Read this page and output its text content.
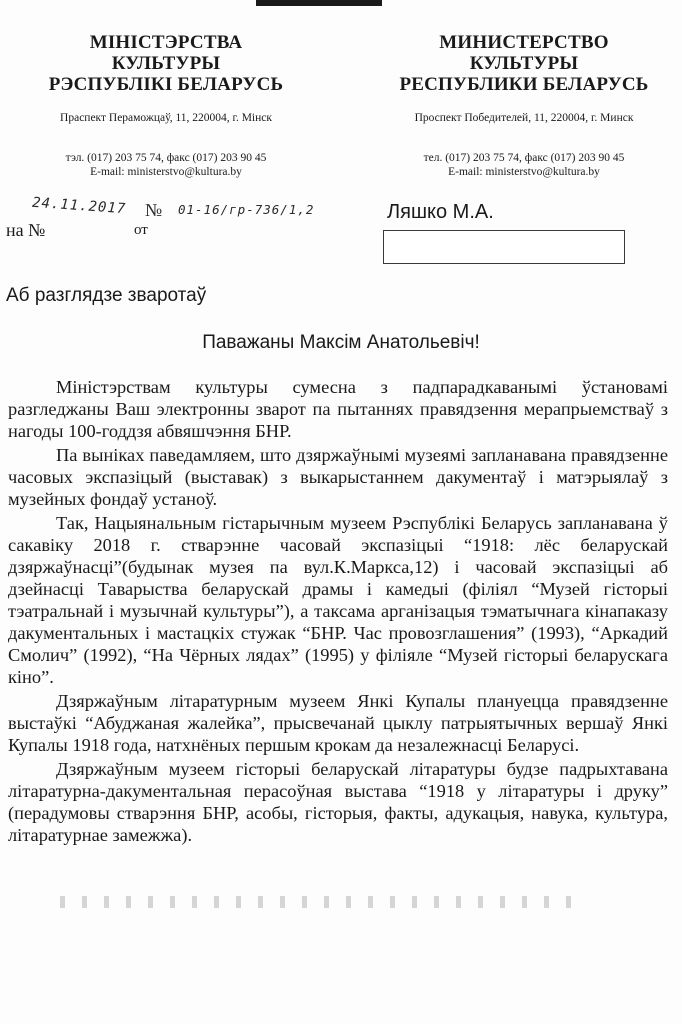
МІНІСТЭРСТВА
КУЛЬТУРЫ
РЭСПУБЛІКІ БЕЛАРУСЬ
Праспект Пераможцаў, 11, 220004, г. Мінск
тэл. (017) 203 75 74, факс (017) 203 90 45
E-mail: ministerstvo@kultura.by
МИНИСТЕРСТВО
КУЛЬТУРЫ
РЕСПУБЛИКИ БЕЛАРУСЬ
Проспект Победителей, 11, 220004, г. Минск
тел. (017) 203 75 74, факс (017) 203 90 45
E-mail: ministerstvo@kultura.by
24.11.2017 № 01-16/гр-736/1,2
на №	от
Ляшко М.А.
Аб разглядзе зваротаў
Паважаны Максім Анатольевіч!

Міністэрствам культуры сумесна з падпарадкаванымі ўстановамі разгледжаны Ваш электронны зварот па пытаннях правядзення мерапрыемстваў з нагоды 100-годдзя абвяшчэння БНР.

Па выніках паведамляем, што дзяржаўнымі музеямі запланавана правядзенне часовых экспазіцый (выставак) з выкарыстаннем дакументаў і матэрыялаў з музейных фондаў устаноў.

Так, Нацыянальным гістарычным музеем Рэспублікі Беларусь запланавана ў сакавіку 2018 г. стварэнне часовай экспазіцыі “1918: лёс беларускай дзяржаўнасці”(будынак музея па вул.К.Маркса,12) і часовай экспазіцыі аб дзейнасці Таварыства беларускай драмы і камедыі (філіял “Музей гісторыі тэатральнай і музычнай культуры”), а таксама арганізацыя тэматычнага кінапаказу дакументальных і мастацкіх стужак “БНР. Час провозглашения” (1993), “Аркадий Смолич” (1992), “На Чёрных лядах” (1995) у філіяле “Музей гісторыі беларускага кіно”.

Дзяржаўным літаратурным музеем Янкі Купалы плануецца правядзенне выстаўкі “Абуджаная жалейка”, прысвечанай цыклу патрыятычных вершаў Янкі Купалы 1918 года, натхнёных першым крокам да незалежнасці Беларусі.

Дзяржаўным музеем гісторыі беларускай літаратуры будзе падрыхтавана літаратурна-дакументальная перасоўная выстава “1918 у літаратуры і друку” (перадумовы стварэння БНР, асобы, гісторыя, факты, адукацыя, навука, культура, літаратурнае замежжа).
